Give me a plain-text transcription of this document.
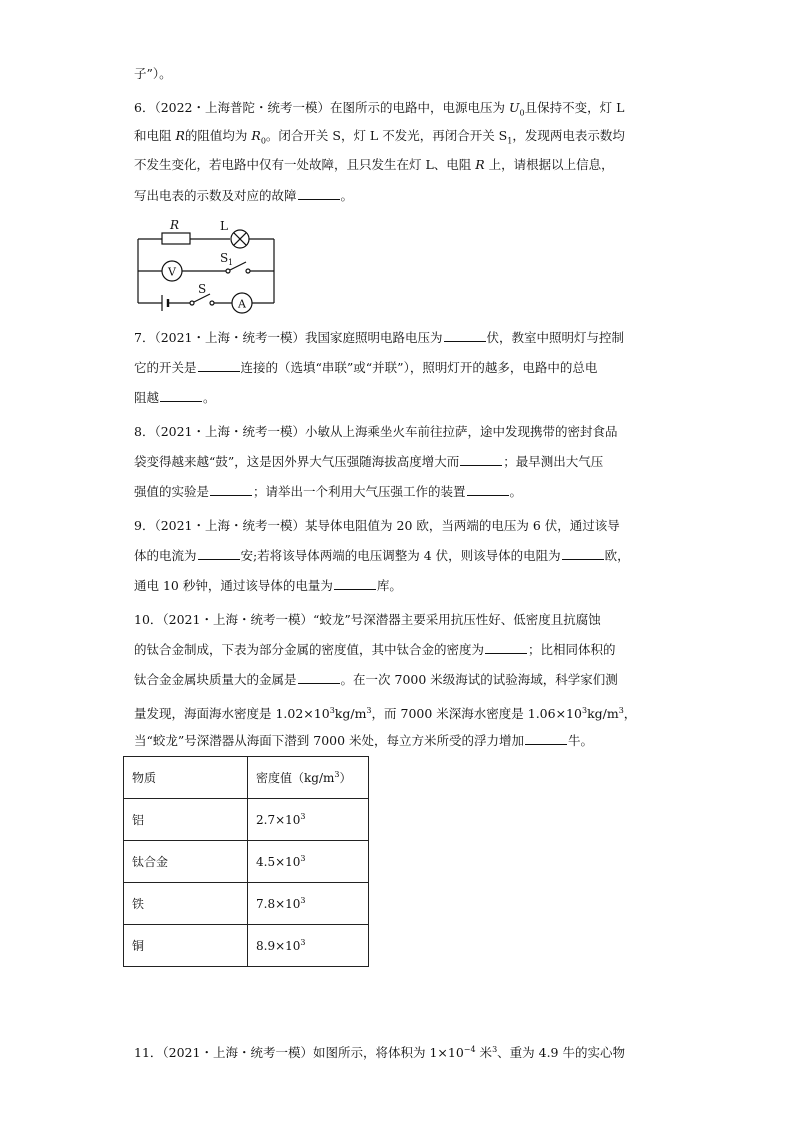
子”）。
6．（2022・上海普陀・统考一模）在图所示的电路中，电源电压为 $U_0$且保持不变，灯 L
和电阻 R的阻值均为 $R_0$。闭合开关 S，灯 L 不发光，再闭合开关 $S_1$，发现两电表示数均
不发生变化，若电路中仅有一处故障，且只发生在灯 L、电阻 R 上，请根据以上信息，
写出电表的示数及对应的故障	。
R	L
S 1
S
V
A
7．（2021・上海・统考一模）我国家庭照明电路电压为	伏，教室中照明灯与控制
它的开关是	连接的（选填“串联”或“并联”），照明灯开的越多，电路中的总电
阻越	。
8．（2021・上海・统考一模）小敏从上海乘坐火车前往拉萨，途中发现携带的密封食品
袋变得越来越“鼓”，这是因外界大气压强随海拔高度增大而	；最早测出大气压
强值的实验是	；请举出一个利用大气压强工作的装置	。
9．（2021・上海・统考一模）某导体电阻值为 20 欧，当两端的电压为 6 伏，通过该导
体的电流为	安;若将该导体两端的电压调整为 4 伏，则该导体的电阻为	欧，
通电 10 秒钟，通过该导体的电量为	库。
10．（2021・上海・统考一模）“蛟龙”号深潜器主要采用抗压性好、低密度且抗腐蚀
的钛合金制成，下表为部分金属的密度值，其中钛合金的密度为	；比相同体积的
钛合金金属块质量大的金属是	。在一次 7000 米级海试的试验海域，科学家们测
量发现，海面海水密度是 $1.02\times 10^3kg/m^3$，而 7000 米深海水密度是 $1.06\times 10^3kg/m^3$，
当“蛟龙”号深潜器从海面下潜到 7000 米处，每立方米所受的浮力增加	牛。
物质	密度值$(kg/m^3)$
铝	$2.7\times 10^3$
钛合金	$4.5\times 10^3$
铁	$7.8\times 10^3$
铜	$8.9\times 10^3$
11．（2021・上海・统考一模）如图所示，将体积为 $1\times 10^{-4}$ 米$^3$、重为 4.9 牛的实心物
